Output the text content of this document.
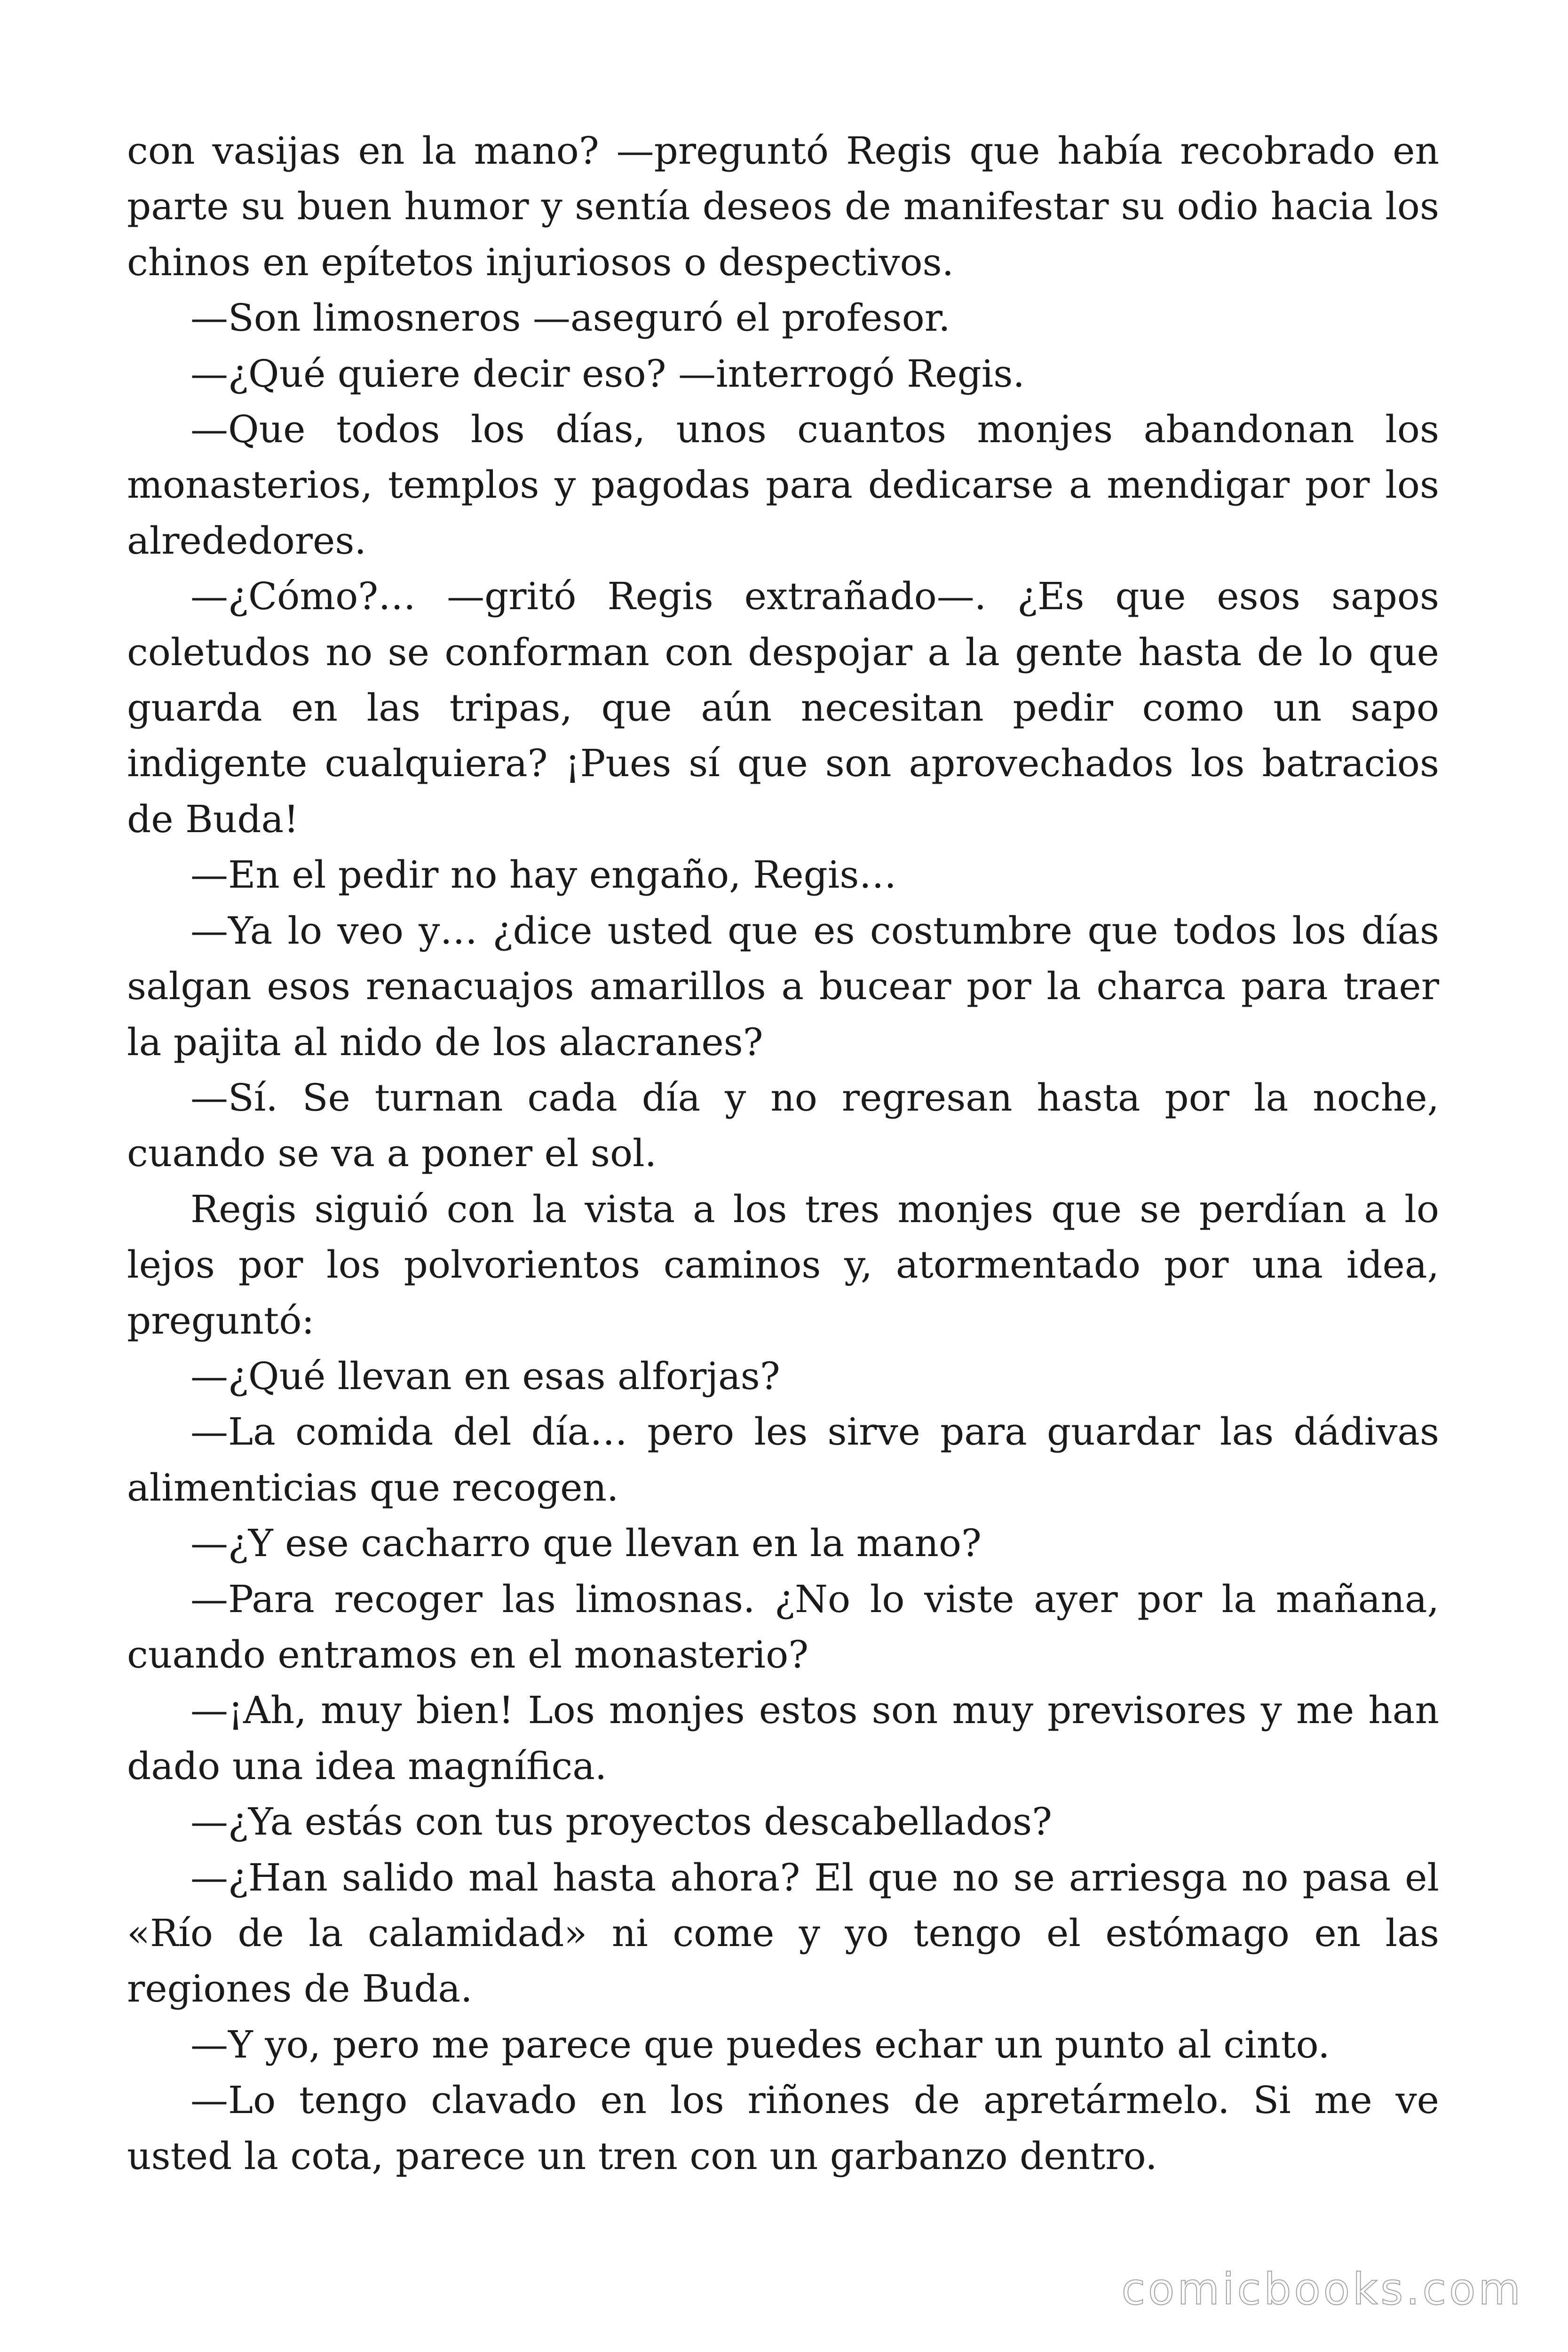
con vasijas en la mano? —preguntó Regis que había recobrado en parte su buen humor y sentía deseos de manifestar su odio hacia los chinos en epítetos injuriosos o despectivos.

—Son limosneros —aseguró el profesor.

—¿Qué quiere decir eso? —interrogó Regis.

—Que todos los días, unos cuantos monjes abandonan los monasterios, templos y pagodas para dedicarse a mendigar por los alrededores.

—¿Cómo?… —gritó Regis extrañado—. ¿Es que esos sapos coletudos no se conforman con despojar a la gente hasta de lo que guarda en las tripas, que aún necesitan pedir como un sapo indigente cualquiera? ¡Pues sí que son aprovechados los batracios de Buda!

—En el pedir no hay engaño, Regis…

—Ya lo veo y… ¿dice usted que es costumbre que todos los días salgan esos renacuajos amarillos a bucear por la charca para traer la pajita al nido de los alacranes?

—Sí. Se turnan cada día y no regresan hasta por la noche, cuando se va a poner el sol.

Regis siguió con la vista a los tres monjes que se perdían a lo lejos por los polvorientos caminos y, atormentado por una idea, preguntó:

—¿Qué llevan en esas alforjas?

—La comida del día… pero les sirve para guardar las dádivas alimenticias que recogen.

—¿Y ese cacharro que llevan en la mano?

—Para recoger las limosnas. ¿No lo viste ayer por la mañana, cuando entramos en el monasterio?

—¡Ah, muy bien! Los monjes estos son muy previsores y me han dado una idea magnífica.

—¿Ya estás con tus proyectos descabellados?

—¿Han salido mal hasta ahora? El que no se arriesga no pasa el «Río de la calamidad» ni come y yo tengo el estómago en las regiones de Buda.

—Y yo, pero me parece que puedes echar un punto al cinto.

—Lo tengo clavado en los riñones de apretármelo. Si me ve usted la cota, parece un tren con un garbanzo dentro.

comicbooks.com
